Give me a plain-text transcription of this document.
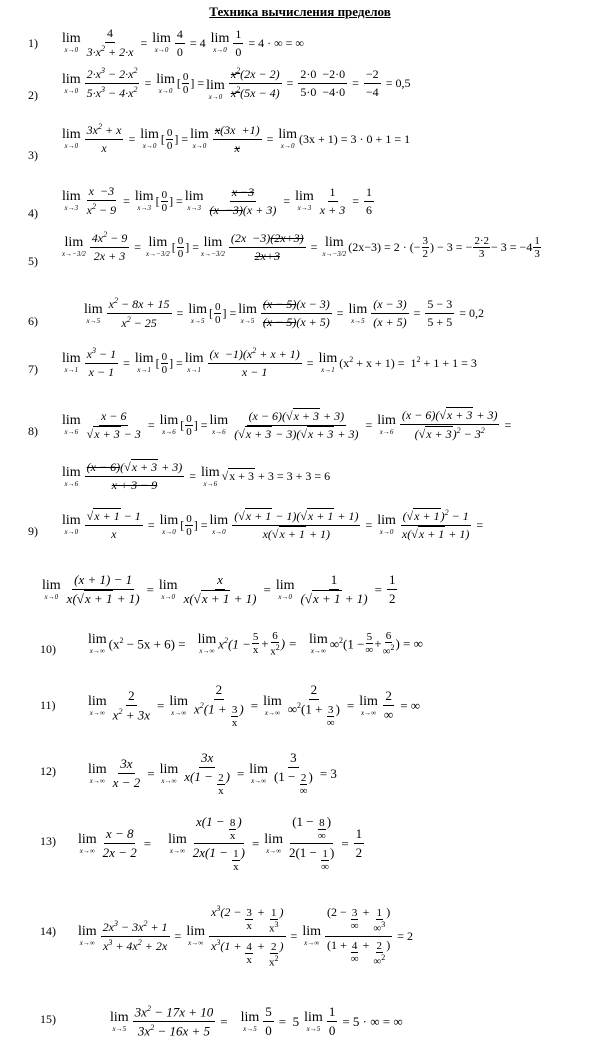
Техника вычисления пределов
1) lim
$x\to 0 \frac{4}{3\cdot x^2 + 2\cdot x} = \lim$
$x\to 0 \frac{4}{0} = 4$ lim
$x\to 0 \frac{1}{0} = 4$ · ∞ = ∞
2)
lim
$x\to 0 \frac{2\cdot x^3 - 2\cdot x^2}{5\cdot x^3 - 4\cdot x^2} = \lim$
x→0
[ 0
0 ] = lim
$x\to 0 \frac{x^2(2x - 2)}{x^2(5x - 4)} = \frac{2\cdot 0 -2\cdot 0}{5\cdot 0 -4\cdot 0} = \frac{-2}{-4} = 0,5$
3)
lim
$x\to 0 \frac{3x^2 + x}{x} = \lim$
x→0
[ 0
0 ] = lim
$x\to 0 \frac{x(3x +1)}{x} = \lim$
x→0
(3x + 1) = 3 · 0 + 1 = 1
4)
lim
$x\to 3 \frac{x -3}{x^2 - 9} = \lim$
x→3
[ 0
0 ] = lim
$x\to 3 \frac{x -3}{(x -3)(x + 3)} = \lim$
$x\to 3 \frac{1}{x + 3} = \frac{1}{6}$
5)
lim
$x\to-3/2 \frac{4x^2 - 9}{2x + 3} = \lim$
x→−3/2
[ 0
0 ] = lim
$x\to-3/2 \frac{(2x -3)(2x+3)}{2x+3} = \lim$
x→−3/2
(2x−3) = 2 · (− $\frac{3}{2}$ ) − 3 = − $\frac{2\cdot 2}{3} - 3 = -4$ 1
3
6)
lim
$x\to 5 \frac{x^2 - 8x + 15}{x^2 - 25} = \lim$
x→5
[ 0
0 ] = lim
$x\to 5 \frac{(x - 5)(x - 3)}{(x - 5)(x + 5)} = \lim$
$x\to 5 \frac{(x - 3)}{(x + 5)} = \frac{5 - 3}{5 + 5} = 0,2$
7)
lim
$x\to 1 \frac{x^3 - 1}{x - 1} = \lim$
x→1
[ 0
0 ] = lim
$x\to 1 \frac{(x -1)(x^2 + x + 1)}{x - 1} = \lim$
x→1 $(x^2 + x + 1) = 1^2 + 1 + 1 = 3$
8)
lim
$x\to 6 \frac{x - 6}{√x + 3 - 3} = \lim$
x→6
[ 0
0 ] = lim
$x\to 6 \frac{(x - 6)(√x + 3 + 3)}{(√x + 3 - 3)(√x + 3 + 3)} = \lim$
$x\to 6 \frac{(x - 6)(√x + 3 + 3)}{(√x + 3)^2 - 3^2}$ =
lim
$x\to 6 \frac{(x - 6)(√x + 3 + 3)}{x + 3 - 9} = \lim$
x→6
√x + 3 + 3 = 3 + 3 = 6
9)
lim
$x\to 0 \frac{√x + 1 - 1}{x} = \lim$
x→0
[ 0
0 ] = lim
$x\to 0 \frac{(√x + 1 - 1)(√x + 1 + 1)}{x(√x + 1 + 1)} = \lim$
$x\to 0 \frac{(√x + 1)^2 - 1}{x(√x + 1 + 1)}$ =
lim
$x\to 0 \frac{(x + 1) - 1}{x(√x + 1 + 1)} = \lim$
$x\to 0 \frac{x}{x(√x + 1 + 1)} = \lim$
$x\to 0 \frac{1}{(√x + 1 + 1)} = \frac{1}{2}$
10)
lim
x→∞ $(x^2 - 5x + 6) = \lim$
x→∞ $x^2(1 - \frac{5}{x} + \frac{6}{x^2}$ ) = lim
x→∞ ∞$^2$(1 − 5
∞ + $\frac{6}{\infty^2}$ ) = ∞
11) lim
$x\to\infty \frac{2}{x^2 + 3x} = \lim$
$x\to\infty \frac{2}{x^2(1 + \frac{3}{x} )} = \lim$
x→∞ 2
∞$^2$(1 + 3
∞
) = lim
$x\to\infty \frac{2}{\infty}$ = ∞
12) lim
$x\to\infty \frac{3x}{x - 2} = \lim$
$x\to\infty \frac{3x}{x(1 - \frac{2}{x} )} = \lim$
x→∞ 3
(1 − 2
∞
) = 3
13) lim
$x\to\infty \frac{x - 8}{2x - 2} = \lim$
$x\to\infty \frac{x(1 - \frac{8}{x} )}{2x(1 - \frac{1}{x} )} = \lim$
x→∞ (1 − 8
∞
)
2(1 − 1
∞
) = $\frac{1}{2}$
14) lim
$x\to\infty \frac{2x^3 - 3x^2 + 1}{x^3 + 4x^2 + 2x} = \lim$
$x\to\infty \frac{x^3(2 - \frac{3}{x} + \frac{1}{x^3} )}{x^3(1 + \frac{4}{x} + \frac{2}{x^2} )} = \lim$
x→∞ (2 − 3
∞
+ $\frac{1}{\infty^3}$ )
(1 + 4
∞
+ $\frac{2}{\infty^2}$ ) = 2
15)	lim
$x\to 5 \frac{3x^2 - 17x + 10}{3x^2 - 16x + 5} = \lim$
$x\to 5 \frac{5}{0} = 5$ lim
$x\to 5 \frac{1}{0} = 5$ · ∞ = ∞
